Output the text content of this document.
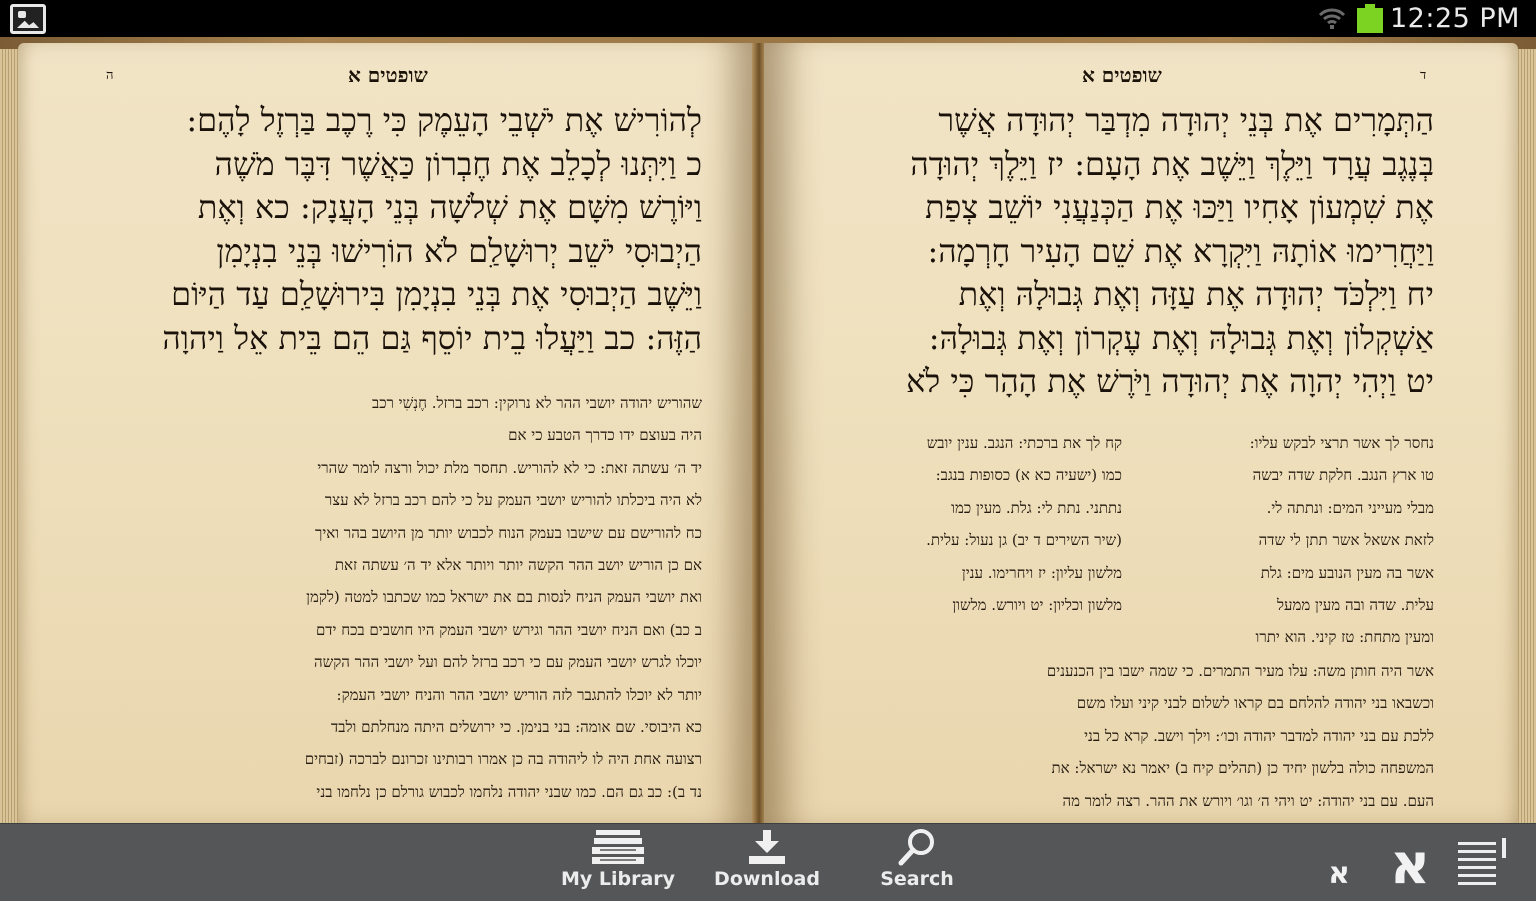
12:25 PM
שופטים א
ה
לְהוֹרִישׁ אֶת יֹשְׁבֵי הָעֵמֶק כִּי רֶכֶב בַּרְזֶל לָהֶם:
כ וַיִּתְּנוּ לְכָלֵב אֶת חֶבְרוֹן כַּאֲשֶׁר דִּבֶּר מֹשֶׁה
וַיּוֹרֶשׁ מִשָּׁם אֶת שְׁלֹשָׁה בְּנֵי הָעֲנָק: כא וְאֶת
הַיְבוּסִי יֹשֵׁב יְרוּשָׁלִַם לֹא הוֹרִישׁוּ בְּנֵי בִנְיָמִן
וַיֵּשֶׁב הַיְבוּסִי אֶת בְּנֵי בִנְיָמִן בִּירוּשָׁלִַם עַד הַיּוֹם
הַזֶּה: כב וַיַּעֲלוּ בֵית יוֹסֵף גַּם הֵם בֵּית אֵל וַיהוָה
שהוריש יהודה יושבי ההר לא נרוקין: רכב ברזל. חֶנְשִׁי רכב
היה בעוצם ידו כדרך הטבע כי אם
יד ה׳ עשתה זאת: כי לא להוריש. תחסר מלת יכול ורצה לומר שהרי
לא היה ביכלתו להוריש יושבי העמק על כי להם רכב ברזל לא עצר
כח להורישם עם שישבו בעמק הנוח לכבוש יותר מן היושב בהר ואיך
אם כן הוריש יושב ההר הקשה יותר ויותר אלא יד ה׳ עשתה זאת
ואת יושבי העמק הניח לנסות בם את ישראל כמו שכתבו למטה (לקמן
ב כב) ואם הניח יושבי ההר וגירש יושבי העמק היו חושבים בכח ידם
יוכלו לגרש יושבי העמק עם כי רכב ברזל להם ועל יושבי ההר הקשה
יותר לא יוכלו להתגבר לזה הוריש יושבי ההר והניח יושבי העמק:
כא היבוסי. שם אומה: בני בנימן. כי ירושלים היתה מנחלתם ולבד
רצועה אחת היה לו ליהודה בה כן אמרו רבותינו זכרונם לברכה (זבחים
נד ב): כב גם הם. כמו שבני יהודה נלחמו לכבוש גורלם כן נלחמו בני
שופטים א	ד
הַתְּמָרִים אֶת בְּנֵי יְהוּדָה מִדְבַּר יְהוּדָה אֲשֶׁר
בְּנֶגֶב עֲרָד וַיֵּלֶךְ וַיֵּשֶׁב אֶת הָעָם: יז וַיֵּלֶךְ יְהוּדָה
אֶת שִׁמְעוֹן אָחִיו וַיַּכּוּ אֶת הַכְּנַעֲנִי יוֹשֵׁב צְפַת
וַיַּחֲרִימוּ אוֹתָהּ וַיִּקְרָא אֶת שֵׁם הָעִיר חָרְמָה:
יח וַיִּלְכֹּד יְהוּדָה אֶת עַזָּה וְאֶת גְּבוּלָהּ וְאֶת
אַשְׁקְלוֹן וְאֶת גְּבוּלָהּ וְאֶת עֶקְרוֹן וְאֶת גְּבוּלָהּ:
יט וַיְהִי יְהוָה אֶת יְהוּדָה וַיֹּרֶשׁ אֶת הָהָר כִּי לֹא
נחסר לך אשר תרצי לבקש עליו:
טו ארץ הנגב. חלקת שדה יבשה
מבלי מעייני המים: ונתתה לי.
לזאת אשאל אשר תתן לי שדה
אשר בה מעין הנובע מים: גלת
עלית. שדה ובה מעין ממעל
ומעין מתחת: טז קיני. הוא יתרו
קח לך את ברכתי: הנגב. ענין יובש
כמו (ישעיה כא א) כסופות בנגב:
נתתני. נתת לי: גלת. מעין כמו
(שיר השירים ד יב) גן נעול: עלית.
מלשון עליון: יז ויחרימו. ענין
מלשון וכליון: יט ויורש. מלשון
אשר היה חותן משה: עלו מעיר התמרים. כי שמה ישבו בין הכנענים
וכשבאו בני יהודה להלחם בם קראו לשלום לבני קיני ועלו משם
ללכת עם בני יהודה למדבר יהודה וכו׳: וילך וישב. קרא כל בני
המשפחה כולה בלשון יחיד כן (תהלים קיח ב) יאמר נא ישראל: את
העם. עם בני יהודה: יט ויהי ה׳ וגו׳ ויורש את ההר. רצה לומר מה
My Library Download	Search	א א
